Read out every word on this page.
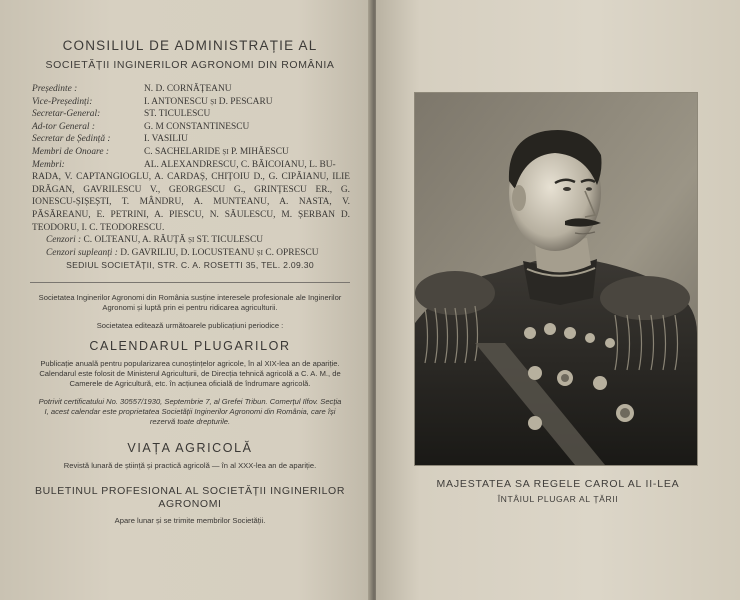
CONSILIUL DE ADMINISTRAȚIE AL

SOCIETĂȚII INGINERILOR AGRONOMI DIN ROMÂNIA

Președinte :	N. D. CORNĂȚEANU
Vice-Președinți:	I. ANTONESCU și D. PESCARU
Secretar-General:	ST. TICULESCU
Ad-tor General :	G. M CONSTANTINESCU
Secretar de Ședință :	I. VASILIU
Membri de Onoare :	C. SACHELARIDE și P. MIHĂESCU
Membri:	AL. ALEXANDRESCU, C. BĂICOIANU, L. BU-
RADA, V. CAPTANGIOGLU, A. CARDAȘ, CHIȚOIU D., G. CIPĂIANU, ILIE DRĂGAN, GAVRILESCU V., GEORGESCU G., GRINȚESCU ER., G. IONESCU-ȘIȘEȘTI, T. MÂNDRU, A. MUNTEANU, A. NASTA, V. PĂSĂREANU, E. PETRINI, A. PIESCU, N. SĂULESCU, M. ȘERBAN D. TEODORU, I. C. TEODORESCU.
Cenzori :
C. OLTEANU, A. RĂUȚĂ și ST. TICULESCU
Cenzori supleanți :
D. GAVRILIU, D. LOCUSTEANU și C. OPRESCU
SEDIUL SOCIETĂȚII, STR. C. A. ROSETTI 35, TEL. 2.09.30

Societatea Inginerilor Agronomi din România susține interesele profesionale ale Inginerilor Agronomi și luptă prin ei pentru ridicarea agriculturii.

Societatea editează următoarele publicațiuni periodice :

CALENDARUL PLUGARILOR

Publicație anuală pentru popularizarea cunoștințelor agricole, în al XIX-lea an de apariție. Calendarul este folosit de Ministerul Agriculturii, de Direcția tehnică agricolă a C. A. M., de Camerele de Agricultură, etc. în acțiunea oficială de îndrumare agricolă.

Potrivit certificatului No. 30557/1930, Septembrie 7, al Grefei Tribun. Comerțul Ilfov. Secția I, acest calendar este proprietatea Societății Inginerilor Agronomi din România, care își rezervă toate drepturile.

VIAȚA AGRICOLĂ

Revistă lunară de știință și practică agricolă — în al XXX-lea an de apariție.

BULETINUL PROFESIONAL AL SOCIETĂȚII INGINERILOR AGRONOMI

Apare lunar și se trimite membrilor Societății.

MAJESTATEA SA REGELE CAROL AL II-LEA
ÎNTÂIUL PLUGAR AL ȚĂRII
